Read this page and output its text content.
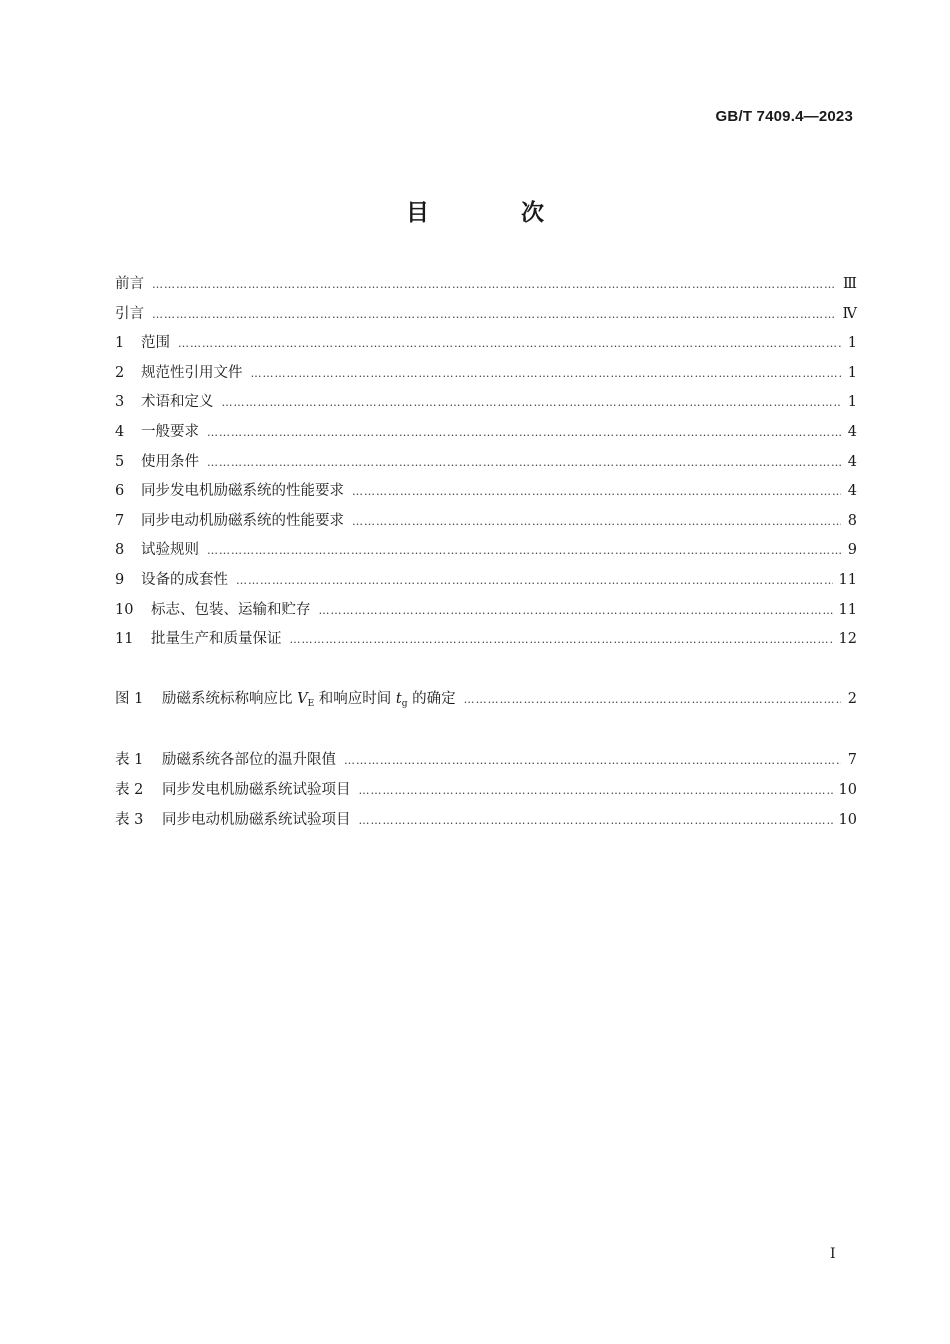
GB/T 7409.4—2023
目 次
前言 ……………………………………………………………………………………………………………………………………………………………………………………………………………………………………………………………………	Ⅲ
引言 ……………………………………………………………………………………………………………………………………………………………………………………………………………………………………………………………………	Ⅳ
1	范围 ……………………………………………………………………………………………………………………………………………………………………………………………………………………………………………………………………	1
2	规范性引用文件 ……………………………………………………………………………………………………………………………………………………………………………………………………………………………………………………………………	1
3	术语和定义 ……………………………………………………………………………………………………………………………………………………………………………………………………………………………………………………………………	1
4	一般要求 ……………………………………………………………………………………………………………………………………………………………………………………………………………………………………………………………………	4
5	使用条件 ……………………………………………………………………………………………………………………………………………………………………………………………………………………………………………………………………	4
6	同步发电机励磁系统的性能要求 ……………………………………………………………………………………………………………………………………………………………………………………………………………………………………………………………………	4
7	同步电动机励磁系统的性能要求 ……………………………………………………………………………………………………………………………………………………………………………………………………………………………………………………………………	8
8	试验规则 ……………………………………………………………………………………………………………………………………………………………………………………………………………………………………………………………………	9
9	设备的成套性 ……………………………………………………………………………………………………………………………………………………………………………………………………………………………………………………………………	11
10	标志、包装、运输和贮存 ……………………………………………………………………………………………………………………………………………………………………………………………………………………………………………………………………	11
11	批量生产和质量保证 ……………………………………………………………………………………………………………………………………………………………………………………………………………………………………………………………………	12
图 1	励磁系统标称响应比 $V_E$ 和响应时间 $t_g$ 的确定 ……………………………………………………………………………………………………………………………………………………………………………………………………………………………………………………………………	2
表 1	励磁系统各部位的温升限值 ……………………………………………………………………………………………………………………………………………………………………………………………………………………………………………………………………	7
表 2	同步发电机励磁系统试验项目 ……………………………………………………………………………………………………………………………………………………………………………………………………………………………………………………………………	10
表 3	同步电动机励磁系统试验项目 ……………………………………………………………………………………………………………………………………………………………………………………………………………………………………………………………………	10
I
